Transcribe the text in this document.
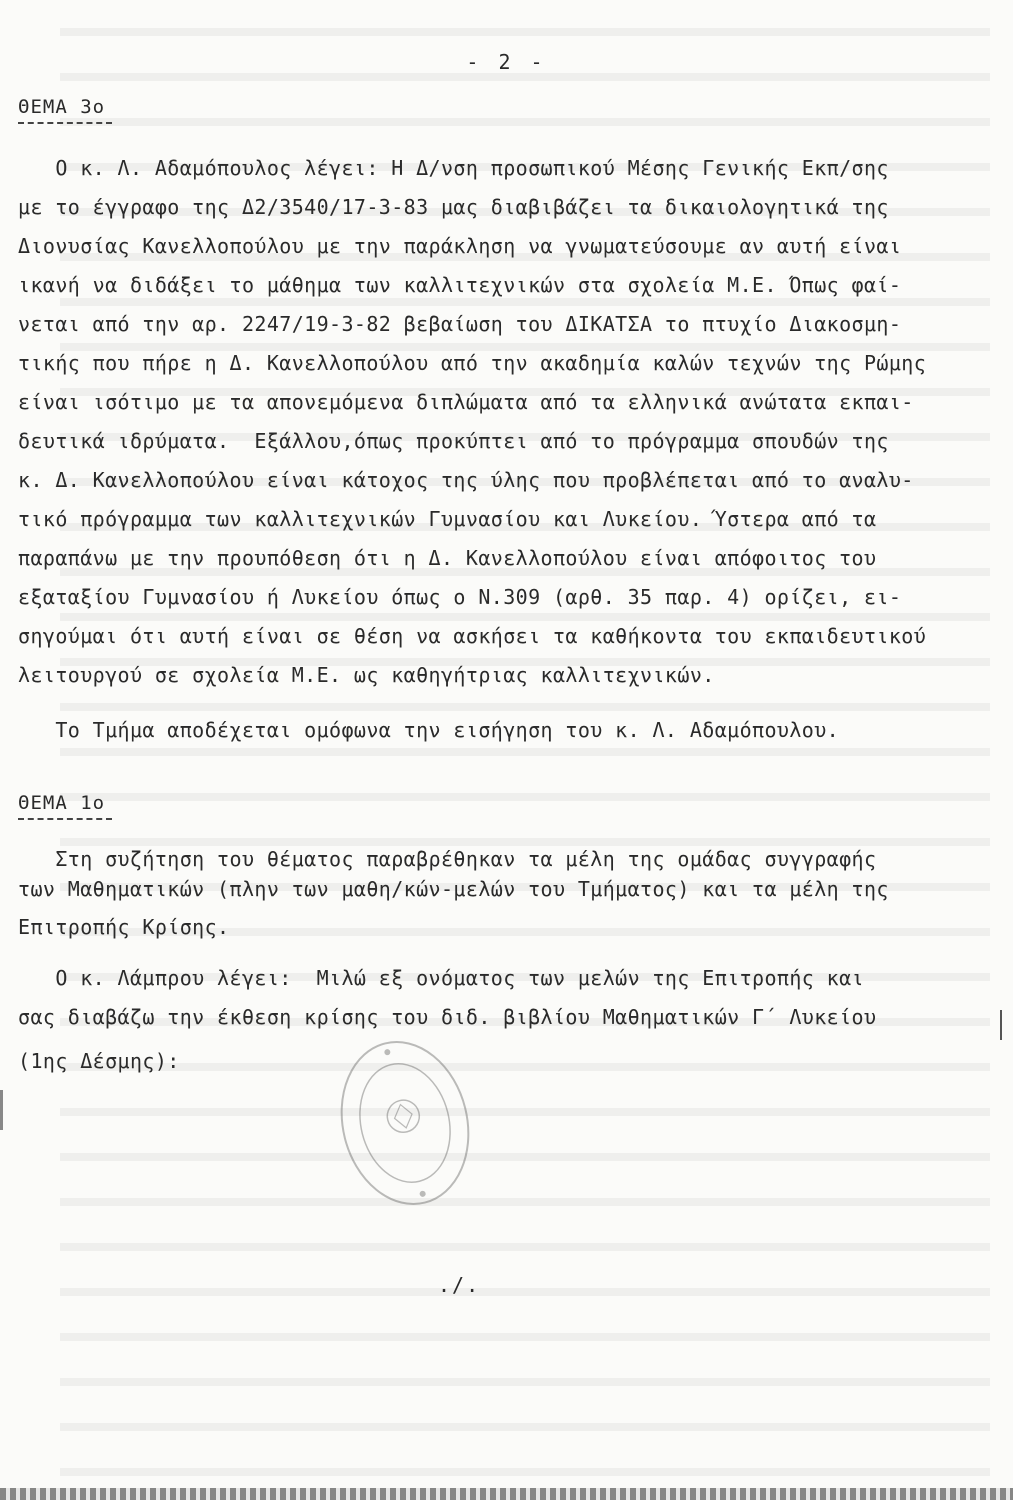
- 2 -
ΘΕΜΑ 3ο
Ο κ. Λ. Αδαμόπουλος λέγει: Η Δ/νση προσωπικού Μέσης Γενικής Εκπ/σης
με το έγγραφο της Δ2/3540/17-3-83 μας διαβιβάζει τα δικαιολογητικά της
Διονυσίας Κανελλοπούλου με την παράκληση να γνωματεύσουμε αν αυτή είναι
ικανή να διδάξει το μάθημα των καλλιτεχνικών στα σχολεία Μ.Ε. Όπως φαί-
νεται από την αρ. 2247/19-3-82 βεβαίωση του ΔΙΚΑΤΣΑ το πτυχίο Διακοσμη-
τικής που πήρε η Δ. Κανελλοπούλου από την ακαδημία καλών τεχνών της Ρώμης
είναι ισότιμο με τα απονεμόμενα διπλώματα από τα ελληνικά ανώτατα εκπαι-
δευτικά ιδρύματα.  Εξάλλου,όπως προκύπτει από το πρόγραμμα σπουδών της
κ. Δ. Κανελλοπούλου είναι κάτοχος της ύλης που προβλέπεται από το αναλυ-
τικό πρόγραμμα των καλλιτεχνικών Γυμνασίου και Λυκείου. Ύστερα από τα
παραπάνω με την προυπόθεση ότι η Δ. Κανελλοπούλου είναι απόφοιτος του
εξαταξίου Γυμνασίου ή Λυκείου όπως ο Ν.309 (αρθ. 35 παρ. 4) ορίζει, ει-
σηγούμαι ότι αυτή είναι σε θέση να ασκήσει τα καθήκοντα του εκπαιδευτικού
λειτουργού σε σχολεία Μ.Ε. ως καθηγήτριας καλλιτεχνικών.
Το Τμήμα αποδέχεται ομόφωνα την εισήγηση του κ. Λ. Αδαμόπουλου.
ΘΕΜΑ 1ο
Στη συζήτηση του θέματος παραβρέθηκαν τα μέλη της ομάδας συγγραφής
των Μαθηματικών (πλην των μαθη/κών-μελών του Τμήματος) και τα μέλη της
Επιτροπής Κρίσης.
Ο κ. Λάμπρου λέγει:  Μιλώ εξ ονόματος των μελών της Επιτροπής και
σας διαβάζω την έκθεση κρίσης του διδ. βιβλίου Μαθηματικών Γ΄ Λυκείου
(1ης Δέσμης):
./.
